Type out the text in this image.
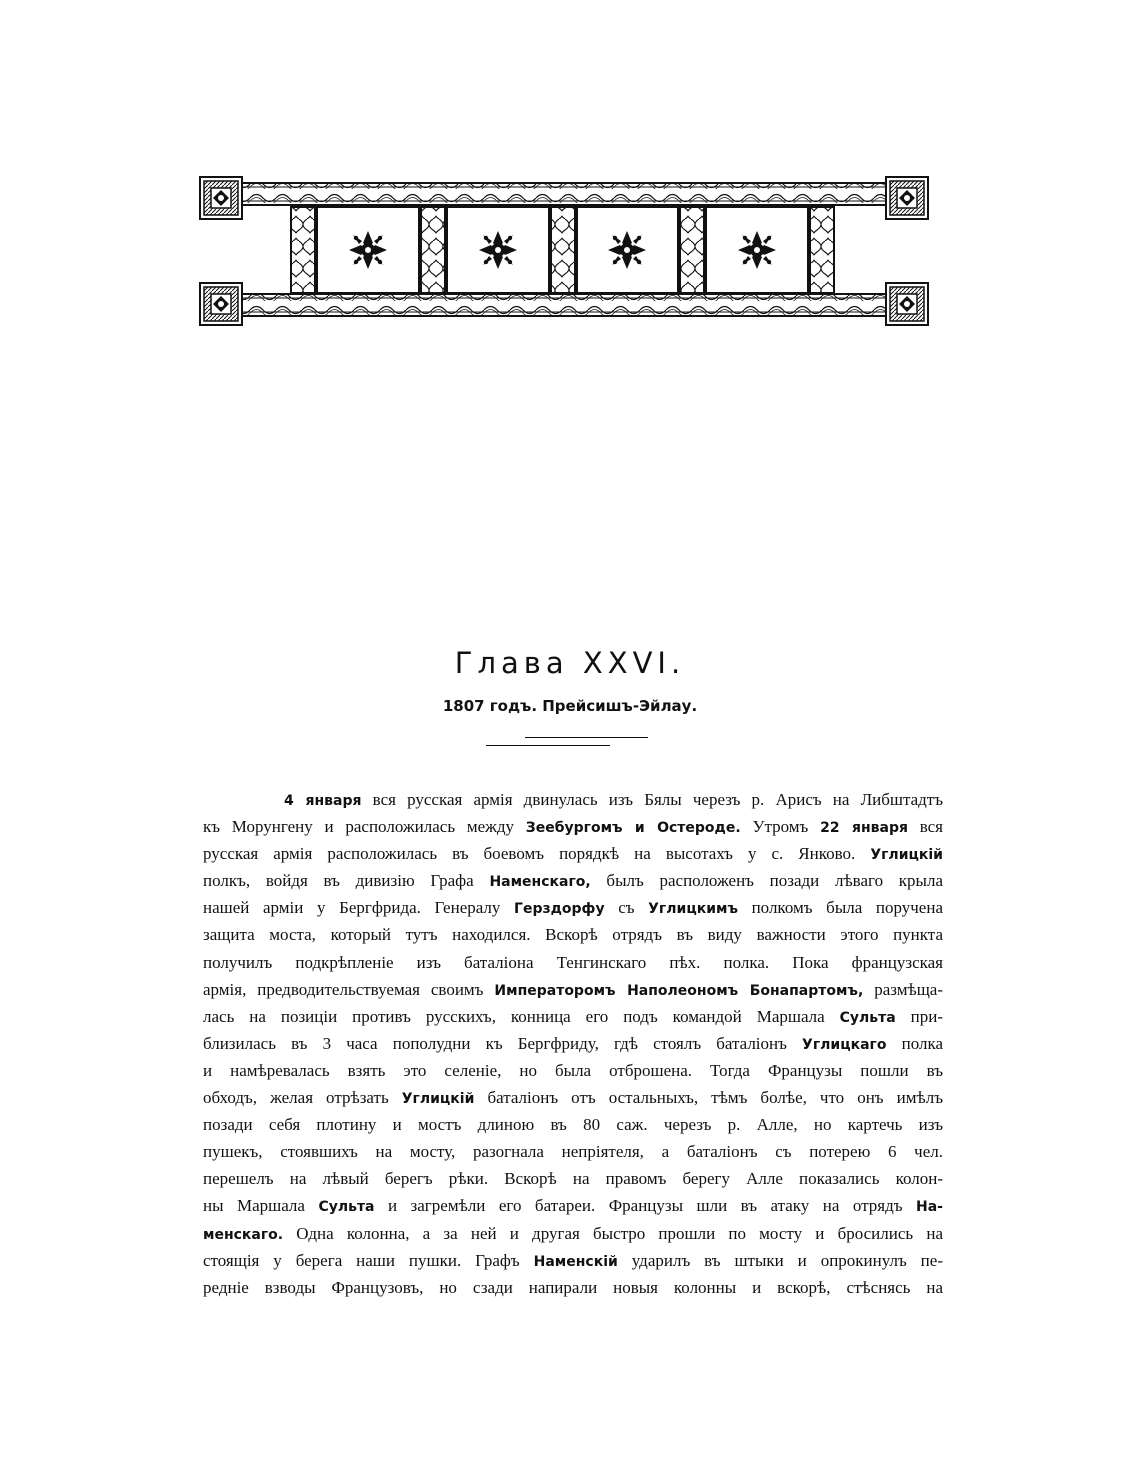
Глава XXVI.
1807 годъ. Прейсишъ-Эйлау.
4 января вся русская армія двинулась изъ Бялы черезъ р. Арисъ на Либштадтъ
къ Морунгену и расположилась между Зеебургомъ и Остероде. Утромъ 22 января вся
русская армія расположилась въ боевомъ порядкѣ на высотахъ у с. Янково. Углицкій
полкъ, войдя въ дивизію Графа Наменскаго, былъ расположенъ позади лѣваго крыла
нашей арміи у Бергфрида. Генералу Герздорфу съ Углицкимъ полкомъ была поручена
защита моста, который тутъ находился. Вскорѣ отрядъ въ виду важности этого пункта
получилъ подкрѣпленіе изъ баталіона Тенгинскаго пѣх. полка. Пока французская
армія, предводительствуемая своимъ Императоромъ Наполеономъ Бонапартомъ, размѣща-
лась на позиціи противъ русскихъ, конница его подъ командой Маршала Сульта при-
близилась въ 3 часа пополудни къ Бергфриду, гдѣ стоялъ баталіонъ Углицкаго полка
и намѣревалась взять это селеніе, но была отброшена. Тогда Французы пошли въ
обходъ, желая отрѣзать Углицкій баталіонъ отъ остальныхъ, тѣмъ болѣе, что онъ имѣлъ
позади себя плотину и мостъ длиною въ 80 саж. черезъ р. Алле, но картечь изъ
пушекъ, стоявшихъ на мосту, разогнала непріятеля, а баталіонъ съ потерею 6 чел.
перешелъ на лѣвый берегъ рѣки. Вскорѣ на правомъ берегу Алле показались колон-
ны Маршала Сульта и загремѣли его батареи. Французы шли въ атаку на отрядъ На-
менскаго. Одна колонна, а за ней и другая быстро прошли по мосту и бросились на
стоящія у берега наши пушки. Графъ Наменскій ударилъ въ штыки и опрокинулъ пе-
редніе взводы Французовъ, но сзади напирали новыя колонны и вскорѣ, стѣснясь на
